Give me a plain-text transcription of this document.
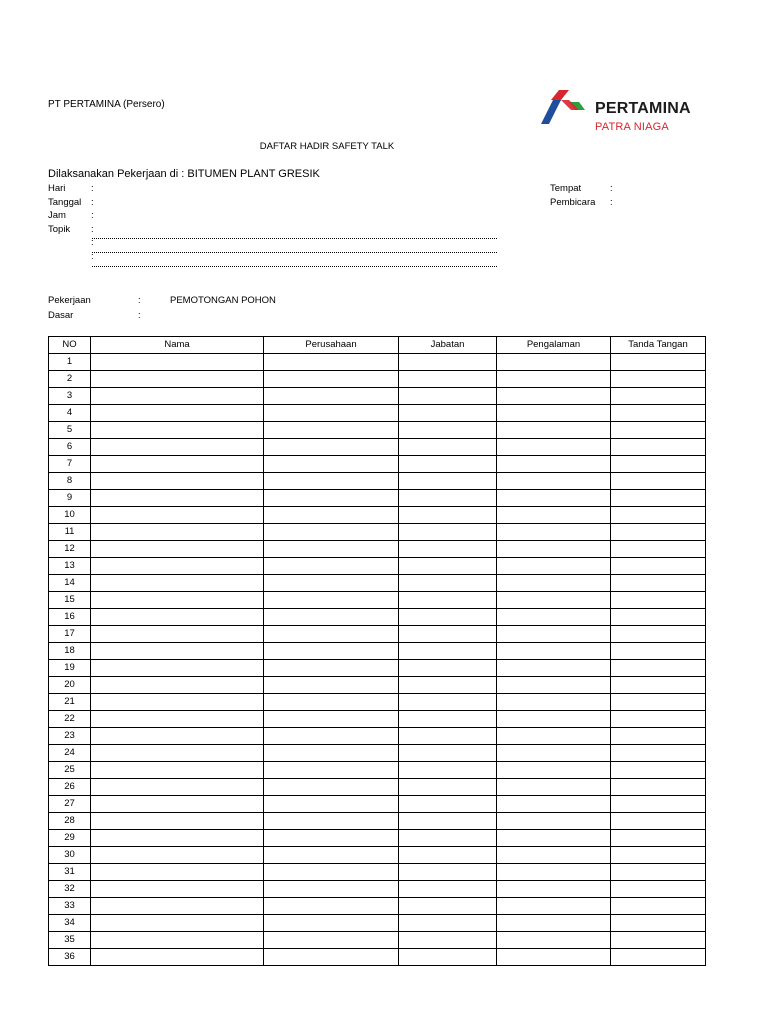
PT PERTAMINA (Persero)	PERTAMINA
PATRA NIAGA
DAFTAR HADIR SAFETY TALK
Dilaksanakan Pekerjaan di : BITUMEN PLANT GRESIK
Hari	:
Tanggal :
Jam	:
Topik :
:
:
Tempat	:
Pembicara :
Pekerjaan	:	PEMOTONGAN POHON
Dasar	:
NO	Nama	Perusahaan	Jabatan	Pengalaman	Tanda Tangan
1					
2					
3					
4					
5					
6					
7					
8					
9					
10					
11					
12					
13					
14					
15					
16					
17					
18					
19					
20					
21					
22					
23					
24					
25					
26					
27					
28					
29					
30					
31					
32					
33					
34					
35					
36					
